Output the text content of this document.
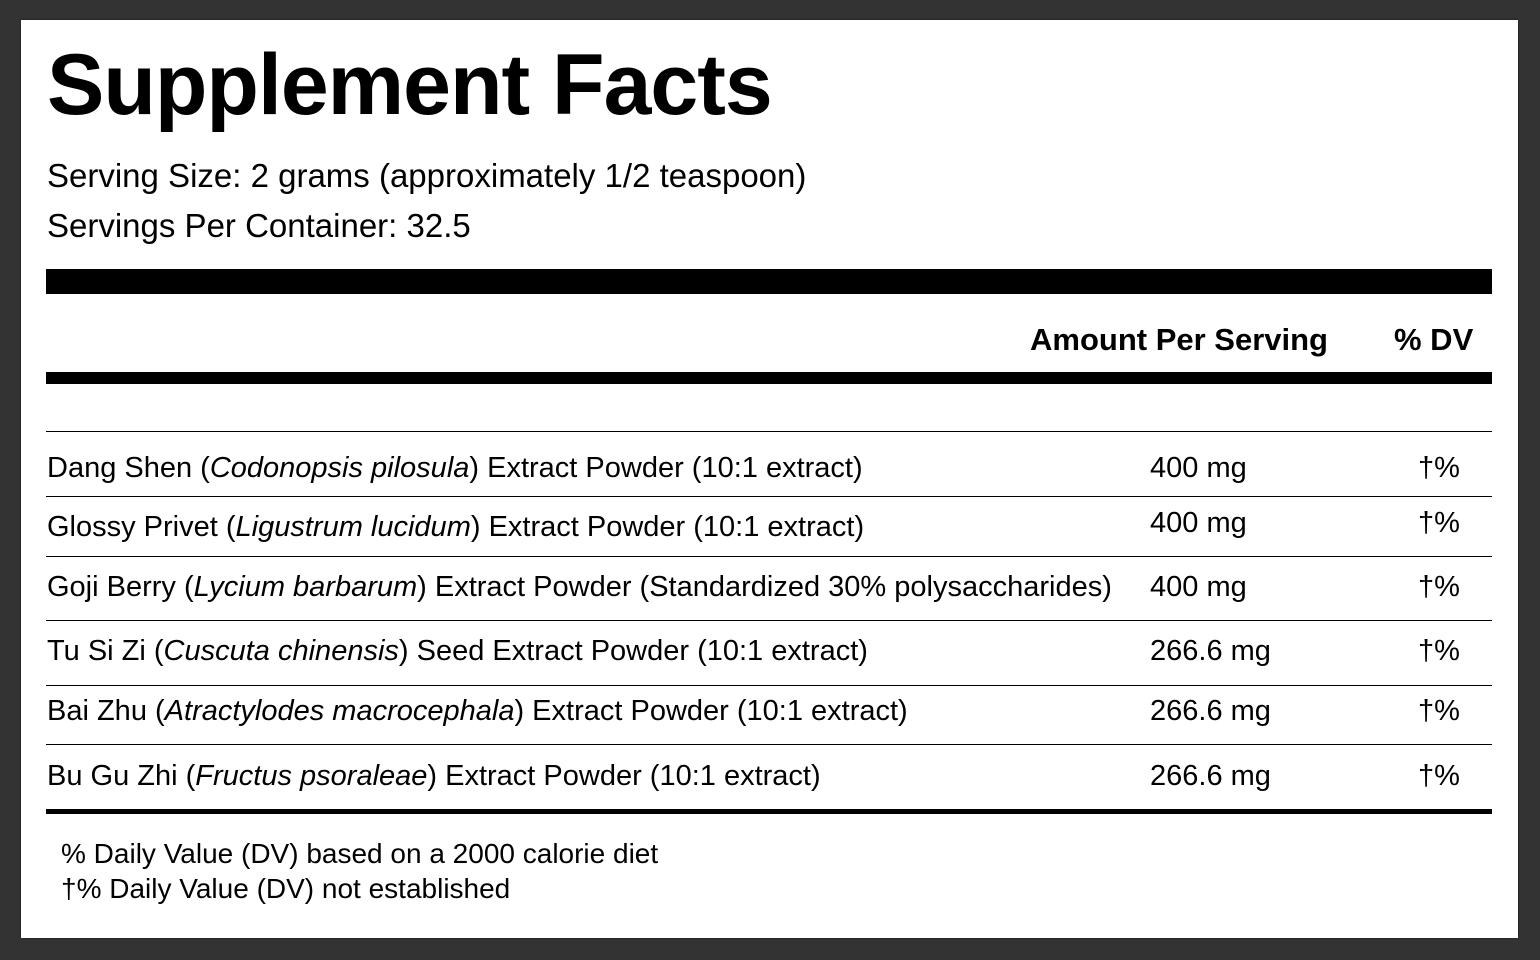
Supplement Facts
Serving Size: 2 grams (approximately 1/2 teaspoon)
Servings Per Container: 32.5
Amount Per Serving % DV
Dang Shen (Codonopsis pilosula) Extract Powder (10:1 extract)	400 mg	†%
Glossy Privet (Ligustrum lucidum) Extract Powder (10:1 extract)	400 mg	†%
Goji Berry (Lycium barbarum) Extract Powder (Standardized 30% polysaccharides) 400 mg	†%
Tu Si Zi (Cuscuta chinensis) Seed Extract Powder (10:1 extract)	266.6 mg	†%
Bai Zhu (Atractylodes macrocephala) Extract Powder (10:1 extract)	266.6 mg	†%
Bu Gu Zhi (Fructus psoraleae) Extract Powder (10:1 extract)	266.6 mg	†%
% Daily Value (DV) based on a 2000 calorie diet
†% Daily Value (DV) not established
